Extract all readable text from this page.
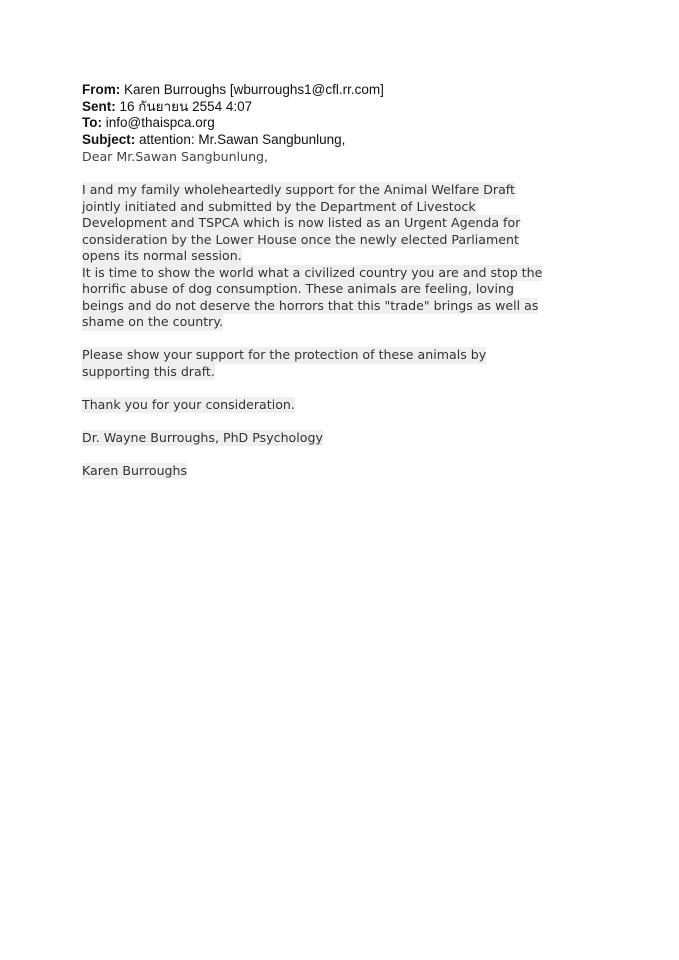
From: Karen Burroughs [wburroughs1@cfl.rr.com]
Sent: 16 กันยายน 2554 4:07
To: info@thaispca.org
Subject: attention: Mr.Sawan Sangbunlung,
Dear Mr.Sawan Sangbunlung,
I and my family wholeheartedly support for the Animal Welfare Draft
jointly initiated and submitted by the Department of Livestock
Development and TSPCA which is now listed as an Urgent Agenda for
consideration by the Lower House once the newly elected Parliament
opens its normal session.
It is time to show the world what a civilized country you are and stop the
horrific abuse of dog consumption. These animals are feeling, loving
beings and do not deserve the horrors that this "trade" brings as well as
shame on the country.
Please show your support for the protection of these animals by
supporting this draft.
Thank you for your consideration.
Dr. Wayne Burroughs, PhD Psychology
Karen Burroughs
